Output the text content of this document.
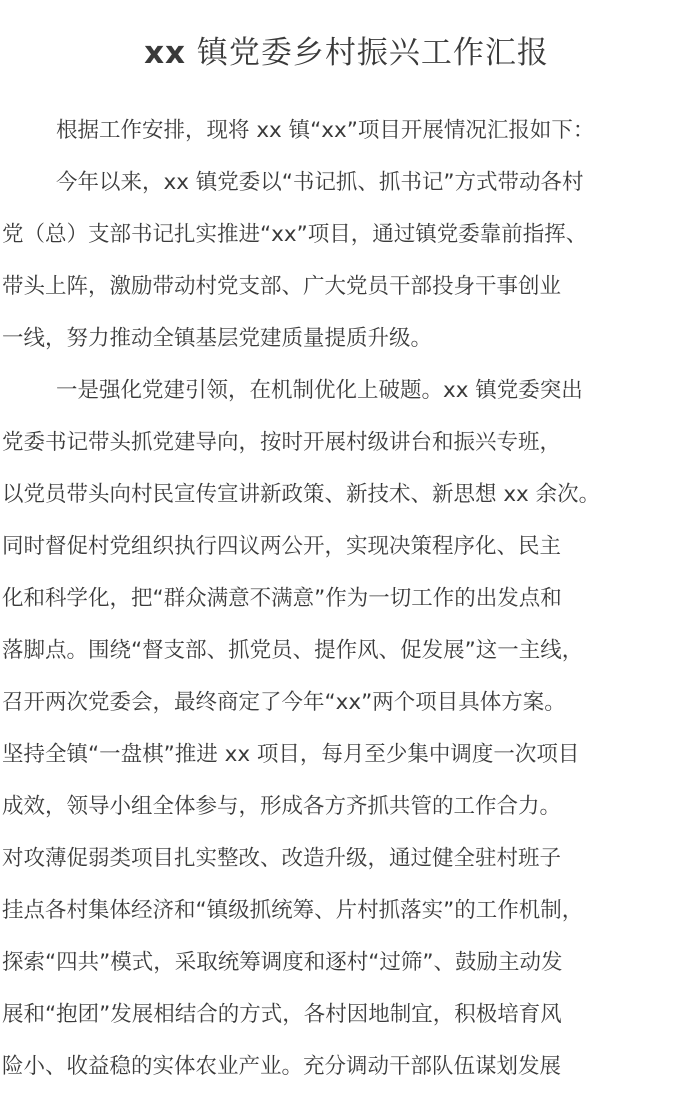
xx 镇党委乡村振兴工作汇报
根据工作安排，现将 xx 镇“xx”项目开展情况汇报如下：
今年以来，xx 镇党委以“书记抓、抓书记”方式带动各村
党（总）支部书记扎实推进“xx”项目，通过镇党委靠前指挥、
带头上阵，激励带动村党支部、广大党员干部投身干事创业
一线，努力推动全镇基层党建质量提质升级。
一是强化党建引领，在机制优化上破题。xx 镇党委突出
党委书记带头抓党建导向，按时开展村级讲台和振兴专班，
以党员带头向村民宣传宣讲新政策、新技术、新思想 xx 余次。
同时督促村党组织执行四议两公开，实现决策程序化、民主
化和科学化，把“群众满意不满意”作为一切工作的出发点和
落脚点。围绕“督支部、抓党员、提作风、促发展”这一主线，
召开两次党委会，最终商定了今年“xx”两个项目具体方案。
坚持全镇“一盘棋”推进 xx 项目，每月至少集中调度一次项目
成效，领导小组全体参与，形成各方齐抓共管的工作合力。
对攻薄促弱类项目扎实整改、改造升级，通过健全驻村班子
挂点各村集体经济和“镇级抓统筹、片村抓落实”的工作机制，
探索“四共”模式，采取统筹调度和逐村“过筛”、鼓励主动发
展和“抱团”发展相结合的方式，各村因地制宜，积极培育风
险小、收益稳的实体农业产业。充分调动干部队伍谋划发展
